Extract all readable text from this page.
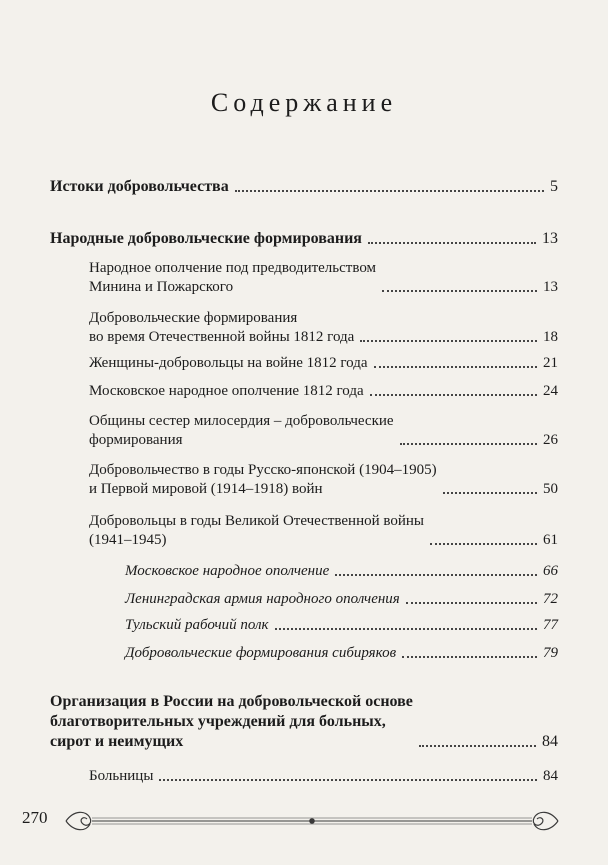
Содержание
Истоки добровольчества	5
Народные добровольческие формирования	13
Народное ополчение под предводительством
Минина и Пожарского	13
Добровольческие формирования
во время Отечественной войны 1812 года	18
Женщины-добровольцы на войне 1812 года	21
Московское народное ополчение 1812 года	24
Общины сестер милосердия – добровольческие
формирования	26
Добровольчество в годы Русско-японской (1904–1905)
и Первой мировой (1914–1918) войн	50
Добровольцы в годы Великой Отечественной войны
(1941–1945)	61
Московское народное ополчение	66
Ленинградская армия народного ополчения	72
Тульский рабочий полк	77
Добровольческие формирования сибиряков	79
Организация в России на добровольческой основе
благотворительных учреждений для больных,
сирот и неимущих	84
Больницы	84
270
